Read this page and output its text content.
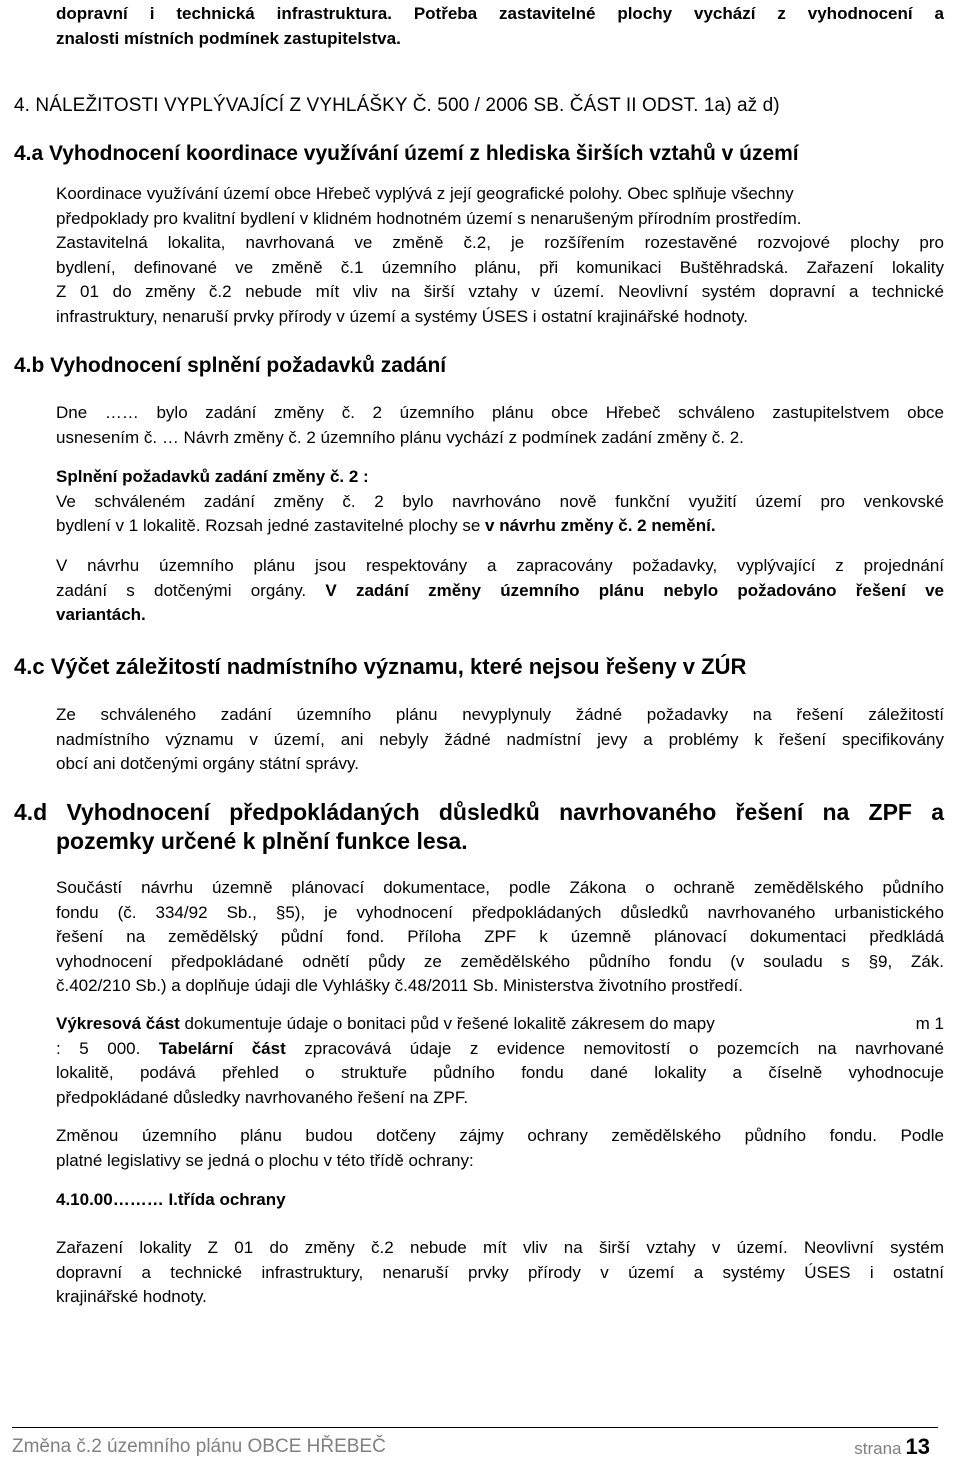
dopravní i technická infrastruktura. Potřeba zastavitelné plochy vychází z vyhodnocení a
znalosti místních podmínek zastupitelstva.
4. NÁLEŽITOSTI VYPLÝVAJÍCÍ Z VYHLÁŠKY Č. 500 / 2006 SB. ČÁST II ODST. 1a) až d)
4.a Vyhodnocení koordinace využívání území z hlediska širších vztahů v území
Koordinace využívání území obce Hřebeč vyplývá z její geografické polohy. Obec splňuje všechny
předpoklady pro kvalitní bydlení v klidném hodnotném území s nenarušeným přírodním prostředím.
Zastavitelná lokalita, navrhovaná ve změně č.2, je rozšířením rozestavěné rozvojové plochy pro
bydlení, definované ve změně č.1 územního plánu, při komunikaci Buštěhradská. Zařazení lokality
Z 01 do změny č.2 nebude mít vliv na širší vztahy v území. Neovlivní systém dopravní a technické
infrastruktury, nenaruší prvky přírody v území a systémy ÚSES i ostatní krajinářské hodnoty.
4.b Vyhodnocení splnění požadavků zadání
Dne …… bylo zadání změny č. 2 územního plánu obce Hřebeč schváleno zastupitelstvem obce
usnesením č. … Návrh změny č. 2 územního plánu vychází z podmínek zadání změny č. 2.
Splnění požadavků zadání změny č. 2 :
Ve schváleném zadání změny č. 2 bylo navrhováno nově funkční využití území pro venkovské
bydlení v 1 lokalitě. Rozsah jedné zastavitelné plochy se v návrhu změny č. 2 nemění.
V návrhu územního plánu jsou respektovány a zapracovány požadavky, vyplývající z projednání
zadání s dotčenými orgány. V zadání změny územního plánu nebylo požadováno řešení ve
variantách.
4.c Výčet záležitostí nadmístního významu, které nejsou řešeny v ZÚR
Ze schváleného zadání územního plánu nevyplynuly žádné požadavky na řešení záležitostí
nadmístního významu v území, ani nebyly žádné nadmístní jevy a problémy k řešení specifikovány
obcí ani dotčenými orgány státní správy.
4.d Vyhodnocení předpokládaných důsledků navrhovaného řešení na ZPF a
pozemky určené k plnění funkce lesa.
Součástí návrhu územně plánovací dokumentace, podle Zákona o ochraně zemědělského půdního
fondu (č. 334/92 Sb., §5), je vyhodnocení předpokládaných důsledků navrhovaného urbanistického
řešení na zemědělský půdní fond. Příloha ZPF k územně plánovací dokumentaci předkládá
vyhodnocení předpokládané odnětí půdy ze zemědělského půdního fondu (v souladu s §9, Zák.
č.402/210 Sb.) a doplňuje údaji dle Vyhlášky č.48/2011 Sb. Ministerstva životního prostředí.
Výkresová část dokumentuje údaje o bonitaci půd v řešené lokalitě zákresem do mapy	m 1
: 5 000. Tabelární část zpracovává údaje z evidence nemovitostí o pozemcích na navrhované
lokalitě, podává přehled o struktuře půdního fondu dané lokality a číselně vyhodnocuje
předpokládané důsledky navrhovaného řešení na ZPF.
Změnou územního plánu budou dotčeny zájmy ochrany zemědělského půdního fondu. Podle
platné legislativy se jedná o plochu v této třídě ochrany:
4.10.00……… I.třída ochrany
Zařazení lokality Z 01 do změny č.2 nebude mít vliv na širší vztahy v území. Neovlivní systém
dopravní a technické infrastruktury, nenaruší prvky přírody v území a systémy ÚSES i ostatní
krajinářské hodnoty.
Změna č.2 územního plánu OBCE HŘEBEČ	strana 13
